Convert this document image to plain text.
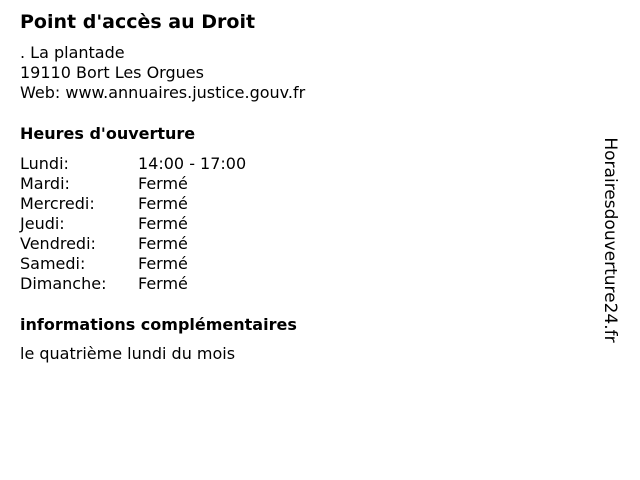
Point d'accès au Droit
. La plantade
19110 Bort Les Orgues
Web: www.annuaires.justice.gouv.fr
Heures d'ouverture
Lundi:	14:00 - 17:00
Mardi:	Fermé
Mercredi:	Fermé
Jeudi:	Fermé
Vendredi:	Fermé
Samedi:	Fermé
Dimanche:	Fermé
informations complémentaires
le quatrième lundi du mois
Horairesdouverture24.fr
